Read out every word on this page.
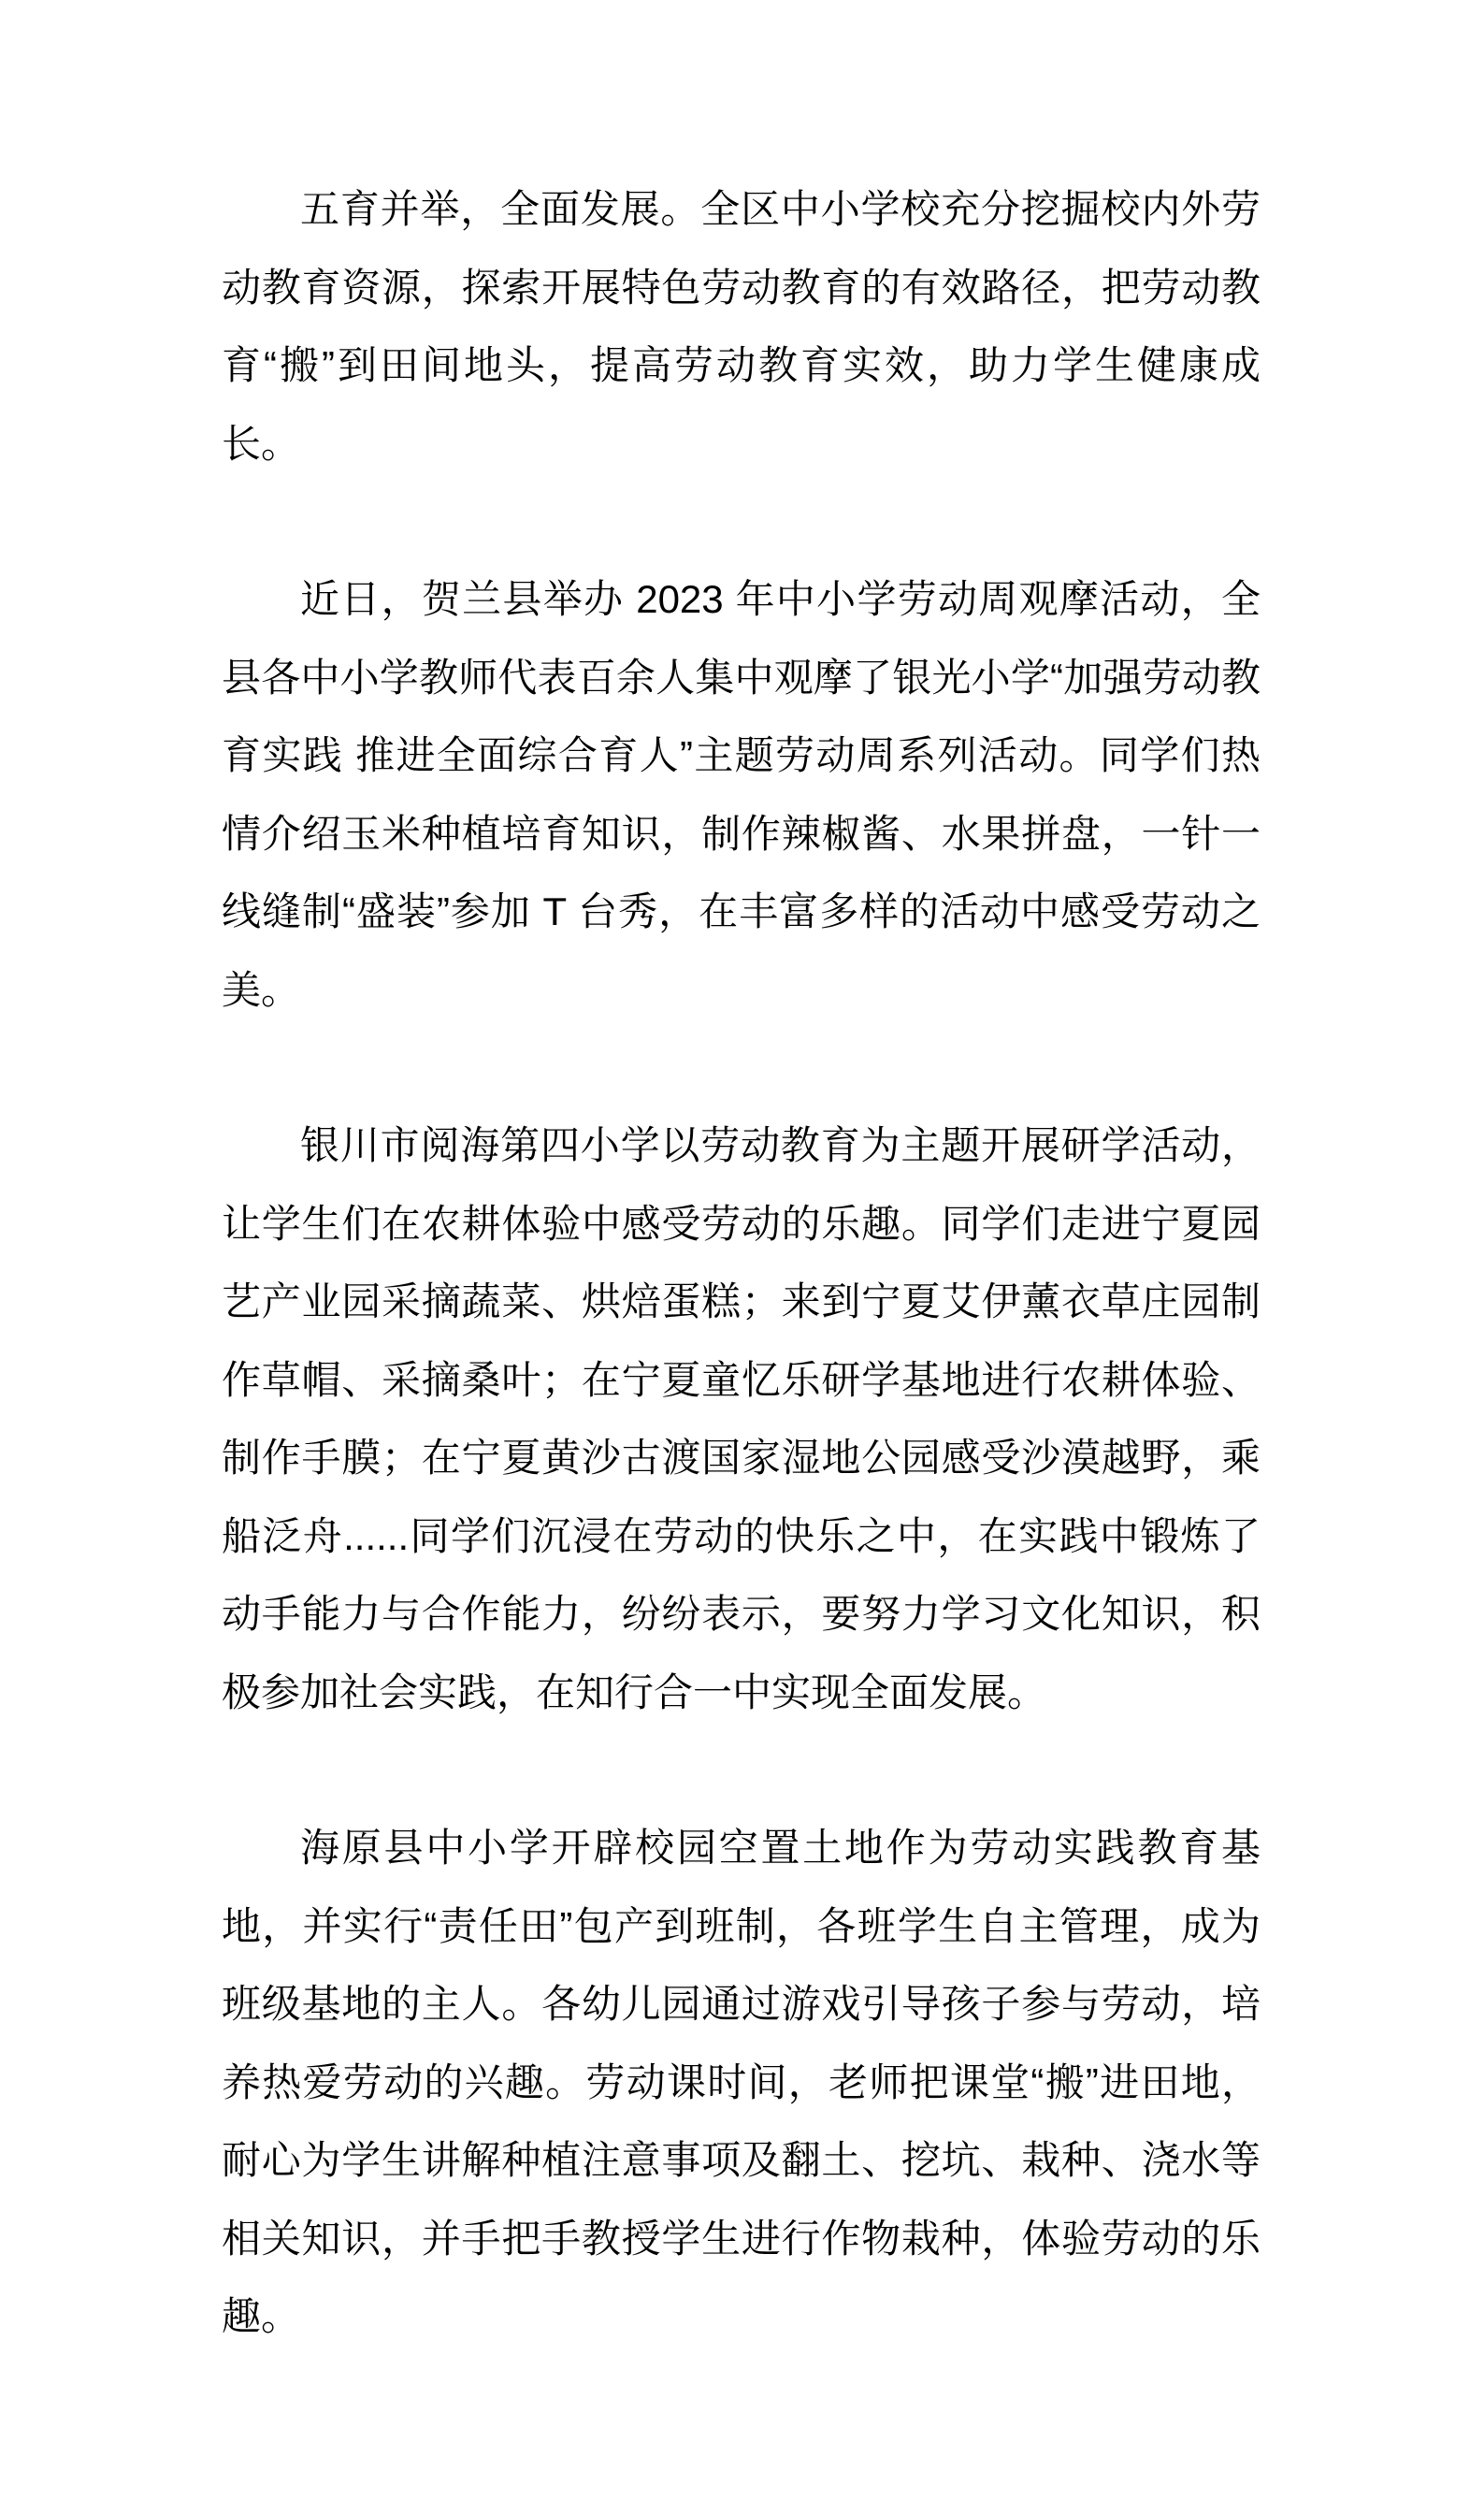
五育并举，全面发展。全区中小学校充分挖掘校内外劳动教育资源，探索开展特色劳动教育的有效路径，把劳动教育“搬”到田间地头，提高劳动教育实效，助力学生健康成长。

近日，贺兰县举办 2023 年中小学劳动周观摩活动，全县各中小学教师代表百余人集中观摩了银光小学“加强劳动教育实践 推进全面综合育人”主题劳动周系列活动。同学们热情介绍玉米种植培育知识，制作辣椒酱、水果拼盘，一针一线缝制“盛装”参加 T 台秀，在丰富多样的活动中感受劳动之美。

银川市阅海第四小学以劳动教育为主题开展研学活动，让学生们在农耕体验中感受劳动的乐趣。同学们走进宁夏园艺产业园采摘蔬菜、烘焙蛋糕；来到宁夏艾伊薰衣草庄园制作草帽、采摘桑叶；在宁夏童忆乐研学基地进行农耕体验、制作手膜；在宁夏黄沙古渡国家湿地公园感受沙漠越野，乘船泛舟......同学们沉浸在劳动的快乐之中，在实践中锻炼了动手能力与合作能力，纷纷表示，要努力学习文化知识，积极参加社会实践，在知行合一中实现全面发展。

海原县中小学开辟校园空置土地作为劳动实践教育基地，并实行“责任田”包产到班制，各班学生自主管理，成为班级基地的主人。各幼儿园通过游戏引导孩子参与劳动，培养热爱劳动的兴趣。劳动课时间，老师把课堂“搬”进田地，耐心为学生讲解种植注意事项及翻土、挖坑、栽种、浇水等相关知识，并手把手教授学生进行作物栽种，体验劳动的乐趣。
